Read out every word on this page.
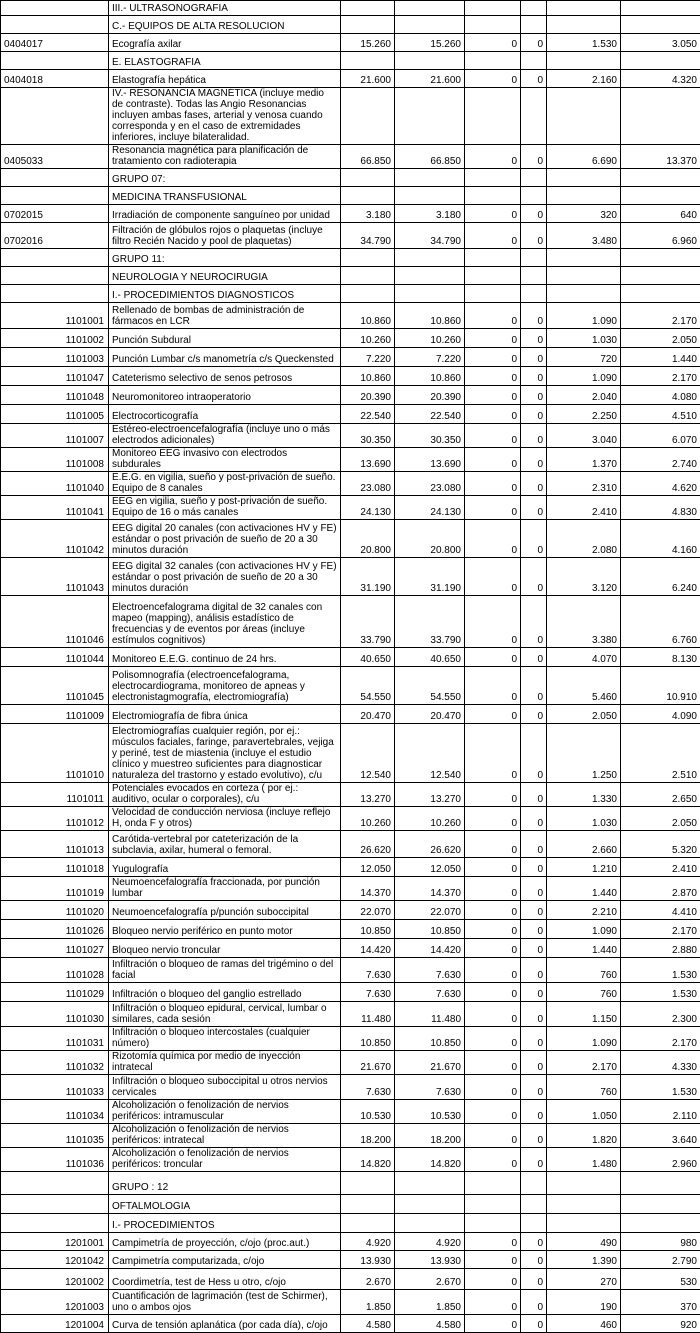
	III.- ULTRASONOGRAFIA						
	C.- EQUIPOS DE ALTA RESOLUCION						
0404017	Ecografía axilar	15.260	15.260	0	0	1.530	3.050
	E. ELASTOGRAFIA						
0404018	Elastografía hepática	21.600	21.600	0	0	2.160	4.320
	IV.- RESONANCIA MAGNÉTICA (incluye medio de contraste). Todas las Angio Resonancias incluyen ambas fases, arterial y venosa cuando corresponda y en el caso de extremidades inferiores, incluye bilateralidad.						
0405033	Resonancia magnética para planificación de tratamiento con radioterapia	66.850	66.850	0	0	6.690	13.370
	GRUPO 07:						
	MEDICINA TRANSFUSIONAL						
0702015	Irradiación de componente sanguíneo por unidad	3.180	3.180	0	0	320	640
0702016	Filtración de glóbulos rojos o plaquetas (incluye filtro Recién Nacido y pool de plaquetas)	34.790	34.790	0	0	3.480	6.960
	GRUPO 11:						
	NEUROLOGIA Y NEUROCIRUGIA						
	I.- PROCEDIMIENTOS DIAGNOSTICOS						
1101001	Rellenado de bombas de administración de fármacos en LCR	10.860	10.860	0	0	1.090	2.170
1101002	Punción Subdural	10.260	10.260	0	0	1.030	2.050
1101003	Punción Lumbar c/s manometría c/s Queckensted	7.220	7.220	0	0	720	1.440
1101047	Cateterismo selectivo de senos petrosos	10.860	10.860	0	0	1.090	2.170
1101048	Neuromonitoreo intraoperatorio	20.390	20.390	0	0	2.040	4.080
1101005	Electrocorticografía	22.540	22.540	0	0	2.250	4.510
1101007	Estéreo-electroencefalografía (incluye uno o más electrodos adicionales)	30.350	30.350	0	0	3.040	6.070
1101008	Monitoreo EEG invasivo con electrodos subdurales	13.690	13.690	0	0	1.370	2.740
1101040	E.E.G. en vigilia, sueño y post-privación de sueño. Equipo de 8 canales	23.080	23.080	0	0	2.310	4.620
1101041	EEG en vigilia, sueño y post-privación de sueño. Equipo de 16 o más canales	24.130	24.130	0	0	2.410	4.830
1101042	EEG digital 20 canales (con activaciones HV y FE) estándar o post privación de sueño de 20 a 30 minutos duración	20.800	20.800	0	0	2.080	4.160
1101043	EEG digital 32 canales (con activaciones HV y FE) estándar o post privación de sueño de 20 a 30 minutos duración	31.190	31.190	0	0	3.120	6.240
1101046	Electroencefalograma digital de 32 canales con mapeo (mapping), análisis estadístico de frecuencias y de eventos por áreas (incluye estímulos cognitivos)	33.790	33.790	0	0	3.380	6.760
1101044	Monitoreo E.E.G. continuo de 24 hrs.	40.650	40.650	0	0	4.070	8.130
1101045	Polisomnografía (electroencefalograma, electrocardiograma, monitoreo de apneas y electronistagmografía, electromiografía)	54.550	54.550	0	0	5.460	10.910
1101009	Electromiografía de fibra única	20.470	20.470	0	0	2.050	4.090
1101010	Electromiografías cualquier región, por ej.: músculos faciales, faringe, paravertebrales, vejiga y periné, test de miastenia (incluye el estudio clínico y muestreo suficientes para diagnosticar naturaleza del trastorno y estado evolutivo), c/u	12.540	12.540	0	0	1.250	2.510
1101011	Potenciales evocados en corteza ( por ej.: auditivo, ocular o corporales), c/u	13.270	13.270	0	0	1.330	2.650
1101012	Velocidad de conducción nerviosa (incluye reflejo H, onda F y otros)	10.260	10.260	0	0	1.030	2.050
1101013	Carótida-vertebral por cateterización de la subclavia, axilar, humeral o femoral.	26.620	26.620	0	0	2.660	5.320
1101018	Yugulografía	12.050	12.050	0	0	1.210	2.410
1101019	Neumoencefalografía fraccionada, por punción lumbar	14.370	14.370	0	0	1.440	2.870
1101020	Neumoencefalografía p/punción suboccipital	22.070	22.070	0	0	2.210	4.410
1101026	Bloqueo nervio periférico en punto motor	10.850	10.850	0	0	1.090	2.170
1101027	Bloqueo nervio troncular	14.420	14.420	0	0	1.440	2.880
1101028	Infiltración o bloqueo de ramas del trigémino o del facial	7.630	7.630	0	0	760	1.530
1101029	Infiltración o bloqueo del ganglio estrellado	7.630	7.630	0	0	760	1.530
1101030	Infiltración o bloqueo epidural, cervical, lumbar o similares, cada sesión	11.480	11.480	0	0	1.150	2.300
1101031	Infiltración o bloqueo intercostales (cualquier número)	10.850	10.850	0	0	1.090	2.170
1101032	Rizotomía química por medio de inyección intratecal	21.670	21.670	0	0	2.170	4.330
1101033	Infiltración o bloqueo suboccipital u otros nervios cervicales	7.630	7.630	0	0	760	1.530
1101034	Alcoholización o fenolización de nervios periféricos: intramuscular	10.530	10.530	0	0	1.050	2.110
1101035	Alcoholización o fenolización de nervios periféricos: intratecal	18.200	18.200	0	0	1.820	3.640
1101036	Alcoholización o fenolización de nervios periféricos: troncular	14.820	14.820	0	0	1.480	2.960
	GRUPO : 12						
	OFTALMOLOGIA						
	I.- PROCEDIMIENTOS						
1201001	Campimetría de proyección, c/ojo (proc.aut.)	4.920	4.920	0	0	490	980
1201042	Campimetría computarizada, c/ojo	13.930	13.930	0	0	1.390	2.790
1201002	Coordimetría, test de Hess u otro, c/ojo	2.670	2.670	0	0	270	530
1201003	Cuantificación de lagrimación (test de Schirmer), uno o ambos ojos	1.850	1.850	0	0	190	370
1201004	Curva de tensión aplanática (por cada día), c/ojo	4.580	4.580	0	0	460	920
